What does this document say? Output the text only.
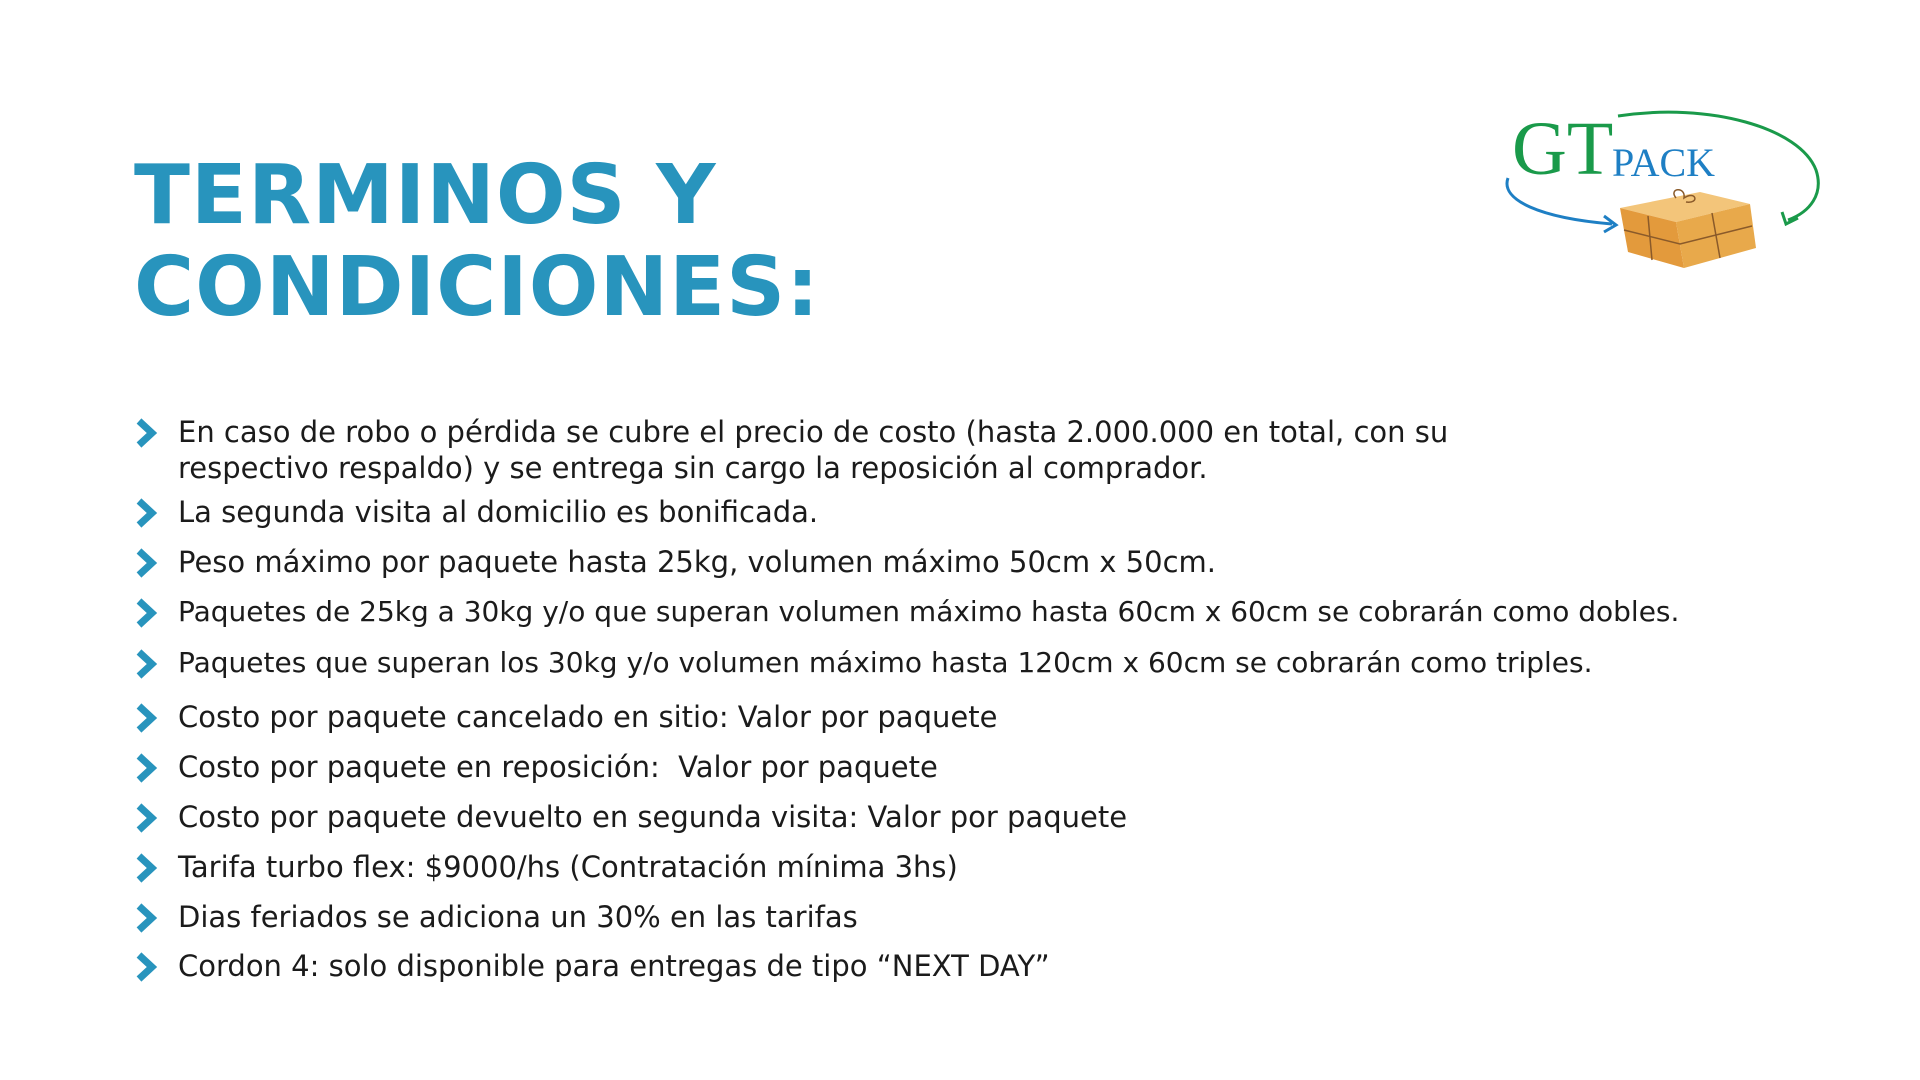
TERMINOS Y
CONDICIONES:
GT
PACK
En caso de robo o pérdida se cubre el precio de costo (hasta 2.000.000 en total, con su respectivo respaldo) y se entrega sin cargo la reposición al comprador.
La segunda visita al domicilio es bonificada.
Peso máximo por paquete hasta 25kg, volumen máximo 50cm x 50cm.
Paquetes de 25kg a 30kg y/o que superan volumen máximo hasta 60cm x 60cm se cobrarán como dobles.
Paquetes que superan los 30kg y/o volumen máximo hasta 120cm x 60cm se cobrarán como triples.
Costo por paquete cancelado en sitio: Valor por paquete
Costo por paquete en reposición:  Valor por paquete
Costo por paquete devuelto en segunda visita: Valor por paquete
Tarifa turbo flex: $9000/hs (Contratación mínima 3hs)
Dias feriados se adiciona un 30% en las tarifas
Cordon 4: solo disponible para entregas de tipo “NEXT DAY”
